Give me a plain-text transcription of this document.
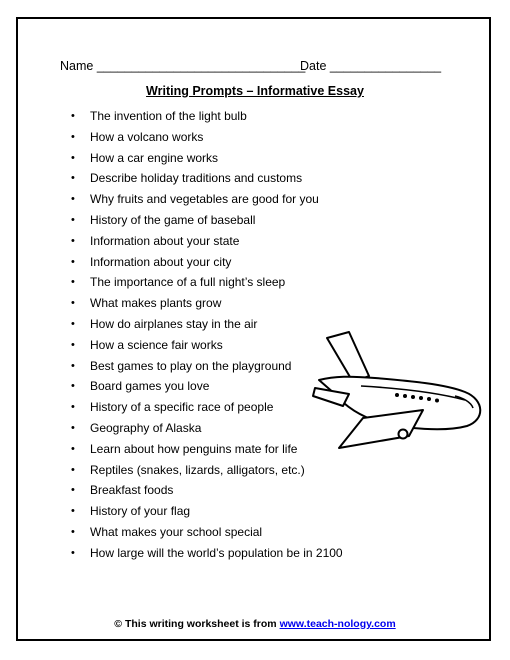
Name ______________________________
Date ________________
Writing Prompts – Informative Essay
•	The invention of the light bulb
•	How a volcano works
•	How a car engine works
•	Describe holiday traditions and customs
•	Why fruits and vegetables are good for you
•	History of the game of baseball
•	Information about your state
•	Information about your city
•	The importance of a full night’s sleep
•	What makes plants grow
•	How do airplanes stay in the air
•	How a science fair works
•	Best games to play on the playground
•	Board games you love
•	History of a specific race of people
•	Geography of Alaska
•	Learn about how penguins mate for life
•	Reptiles (snakes, lizards, alligators, etc.)
•	Breakfast foods
•	History of your flag
•	What makes your school special
•	How large will the world’s population be in 2100
© This writing worksheet is from www.teach-nology.com
